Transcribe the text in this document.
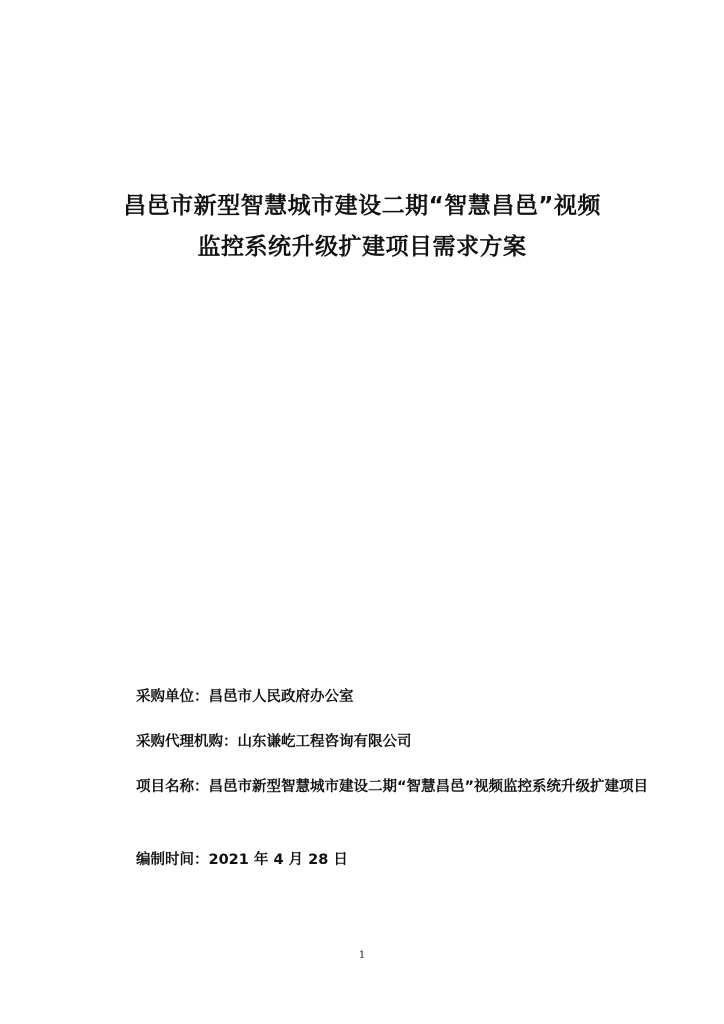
昌邑市新型智慧城市建设二期“智慧昌邑”视频
监控系统升级扩建项目需求方案

采购单位：昌邑市人民政府办公室

采购代理机购：山东谦屹工程咨询有限公司

项目名称：昌邑市新型智慧城市建设二期“智慧昌邑”视频监控系统升级扩建项目

编制时间：2021 年 4 月 28 日

1
